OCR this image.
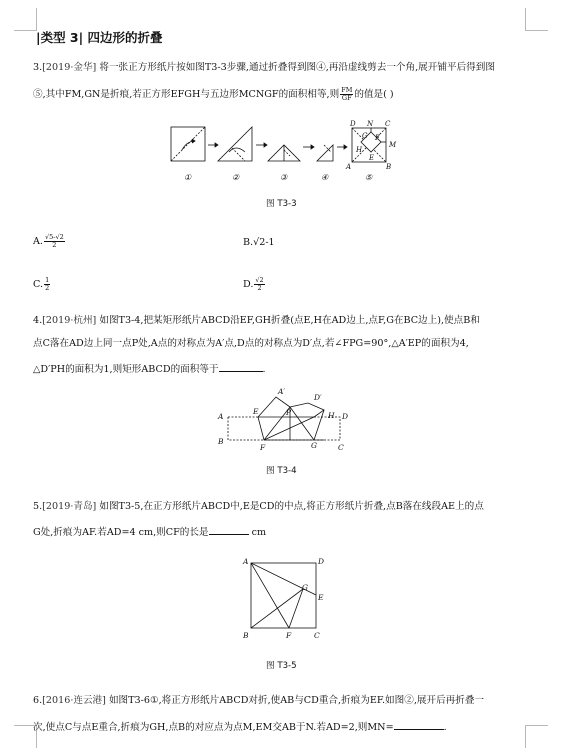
|类型 3| 四边形的折叠
3.[2019·金华] 将一张正方形纸片按如图T3-3步骤,通过折叠得到图④,再沿虚线剪去一个角,展开铺平后得到图
⑤,其中FM,GN是折痕,若正方形EFGH与五边形MCNGF的面积相等,则 $\frac{FM}{GF}$ 的值是( )
D N C
G F
H
E
M
A	B
①	②	③	④	⑤
图 T3-3
A. $\frac{√5-√2}{2}$	B.√2-1
C. $\frac{1}{2}$	D. $\frac{√2}{2}$
4.[2019·杭州] 如图T3-4,把某矩形纸片ABCD沿EF,GH折叠(点E,H在AD边上,点F,G在BC边上),使点B和
点C落在AD边上同一点P处,A点的对称点为A′点,D点的对称点为D′点,若∠FPG=90°,△A′EP的面积为4,
△D′PH的面积为1,则矩形ABCD的面积等于	.
A′
D′
A
E	P	H D
B
F	G	C
图 T3-4
5.[2019·青岛] 如图T3-5,在正方形纸片ABCD中,E是CD的中点,将正方形纸片折叠,点B落在线段AE上的点
G处,折痕为AF.若AD=4 cm,则CF的长是	cm
A	D
G
E
B	F	C
图 T3-5
6.[2016·连云港] 如图T3-6①,将正方形纸片ABCD对折,使AB与CD重合,折痕为EF.如图②,展开后再折叠一
次,使点C与点E重合,折痕为GH,点B的对应点为点M,EM交AB于N.若AD=2,则MN=	.
